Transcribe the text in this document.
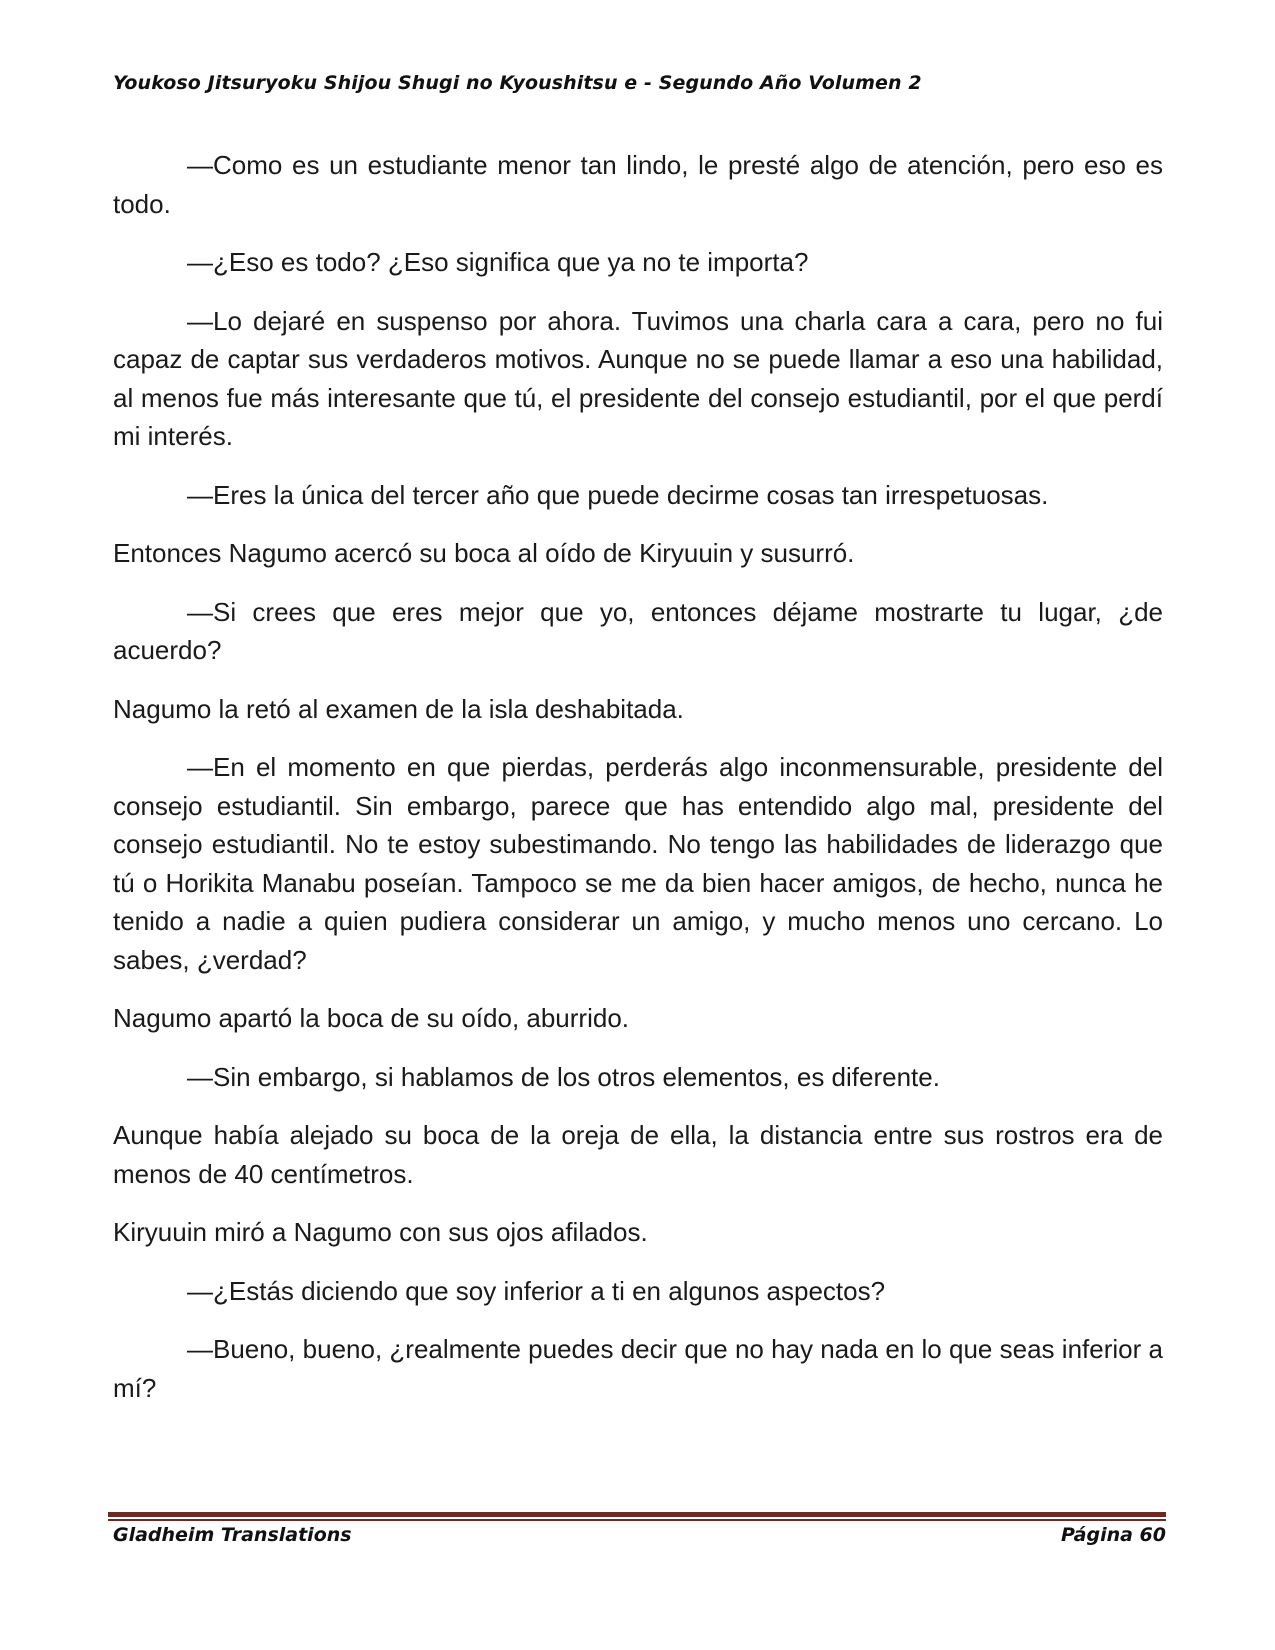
Youkoso Jitsuryoku Shijou Shugi no Kyoushitsu e - Segundo Año Volumen 2

—Como es un estudiante menor tan lindo, le presté algo de atención, pero eso es todo.

—¿Eso es todo? ¿Eso significa que ya no te importa?

—Lo dejaré en suspenso por ahora. Tuvimos una charla cara a cara, pero no fui capaz de captar sus verdaderos motivos. Aunque no se puede llamar a eso una habilidad, al menos fue más interesante que tú, el presidente del consejo estudiantil, por el que perdí mi interés.

—Eres la única del tercer año que puede decirme cosas tan irrespetuosas.

Entonces Nagumo acercó su boca al oído de Kiryuuin y susurró.

—Si crees que eres mejor que yo, entonces déjame mostrarte tu lugar, ¿de acuerdo?

Nagumo la retó al examen de la isla deshabitada.

—En el momento en que pierdas, perderás algo inconmensurable, presidente del consejo estudiantil. Sin embargo, parece que has entendido algo mal, presidente del consejo estudiantil. No te estoy subestimando. No tengo las habilidades de liderazgo que tú o Horikita Manabu poseían. Tampoco se me da bien hacer amigos, de hecho, nunca he tenido a nadie a quien pudiera considerar un amigo, y mucho menos uno cercano. Lo sabes, ¿verdad?

Nagumo apartó la boca de su oído, aburrido.

—Sin embargo, si hablamos de los otros elementos, es diferente.

Aunque había alejado su boca de la oreja de ella, la distancia entre sus rostros era de menos de 40 centímetros.

Kiryuuin miró a Nagumo con sus ojos afilados.

—¿Estás diciendo que soy inferior a ti en algunos aspectos?

—Bueno, bueno, ¿realmente puedes decir que no hay nada en lo que seas inferior a mí?

Gladheim Translations	Página 60
